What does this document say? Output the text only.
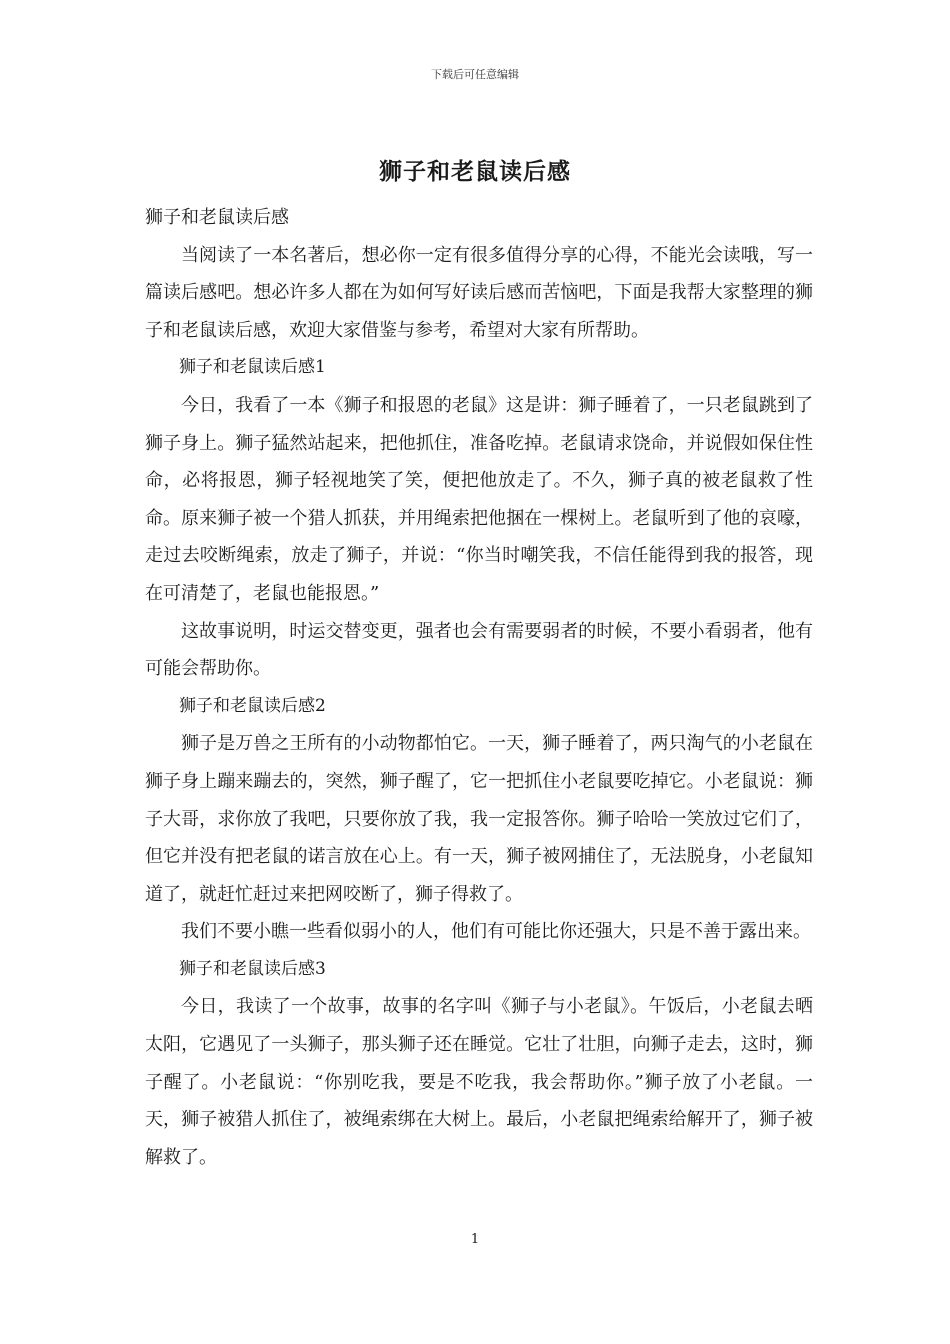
下载后可任意编辑
狮子和老鼠读后感

狮子和老鼠读后感

当阅读了一本名著后，想必你一定有很多值得分享的心得，不能光会读哦，写一篇读后感吧。想必许多人都在为如何写好读后感而苦恼吧，下面是我帮大家整理的狮子和老鼠读后感，欢迎大家借鉴与参考，希望对大家有所帮助。

狮子和老鼠读后感1

今日，我看了一本《狮子和报恩的老鼠》这是讲：狮子睡着了，一只老鼠跳到了狮子身上。狮子猛然站起来，把他抓住，准备吃掉。老鼠请求饶命，并说假如保住性命，必将报恩，狮子轻视地笑了笑，便把他放走了。不久，狮子真的被老鼠救了性命。原来狮子被一个猎人抓获，并用绳索把他捆在一棵树上。老鼠听到了他的哀嚎，走过去咬断绳索，放走了狮子，并说：“你当时嘲笑我，不信任能得到我的报答，现在可清楚了，老鼠也能报恩。”

这故事说明，时运交替变更，强者也会有需要弱者的时候，不要小看弱者，他有可能会帮助你。

狮子和老鼠读后感2

狮子是万兽之王所有的小动物都怕它。一天，狮子睡着了，两只淘气的小老鼠在狮子身上蹦来蹦去的，突然，狮子醒了，它一把抓住小老鼠要吃掉它。小老鼠说：狮子大哥，求你放了我吧，只要你放了我，我一定报答你。狮子哈哈一笑放过它们了，但它并没有把老鼠的诺言放在心上。有一天，狮子被网捕住了，无法脱身，小老鼠知道了，就赶忙赶过来把网咬断了，狮子得救了。

我们不要小瞧一些看似弱小的人，他们有可能比你还强大，只是不善于露出来。

狮子和老鼠读后感3

今日，我读了一个故事，故事的名字叫《狮子与小老鼠》。午饭后，小老鼠去晒太阳，它遇见了一头狮子，那头狮子还在睡觉。它壮了壮胆，向狮子走去，这时，狮子醒了。小老鼠说：“你别吃我，要是不吃我，我会帮助你。”狮子放了小老鼠。一天，狮子被猎人抓住了，被绳索绑在大树上。最后，小老鼠把绳索给解开了，狮子被解救了。

1
